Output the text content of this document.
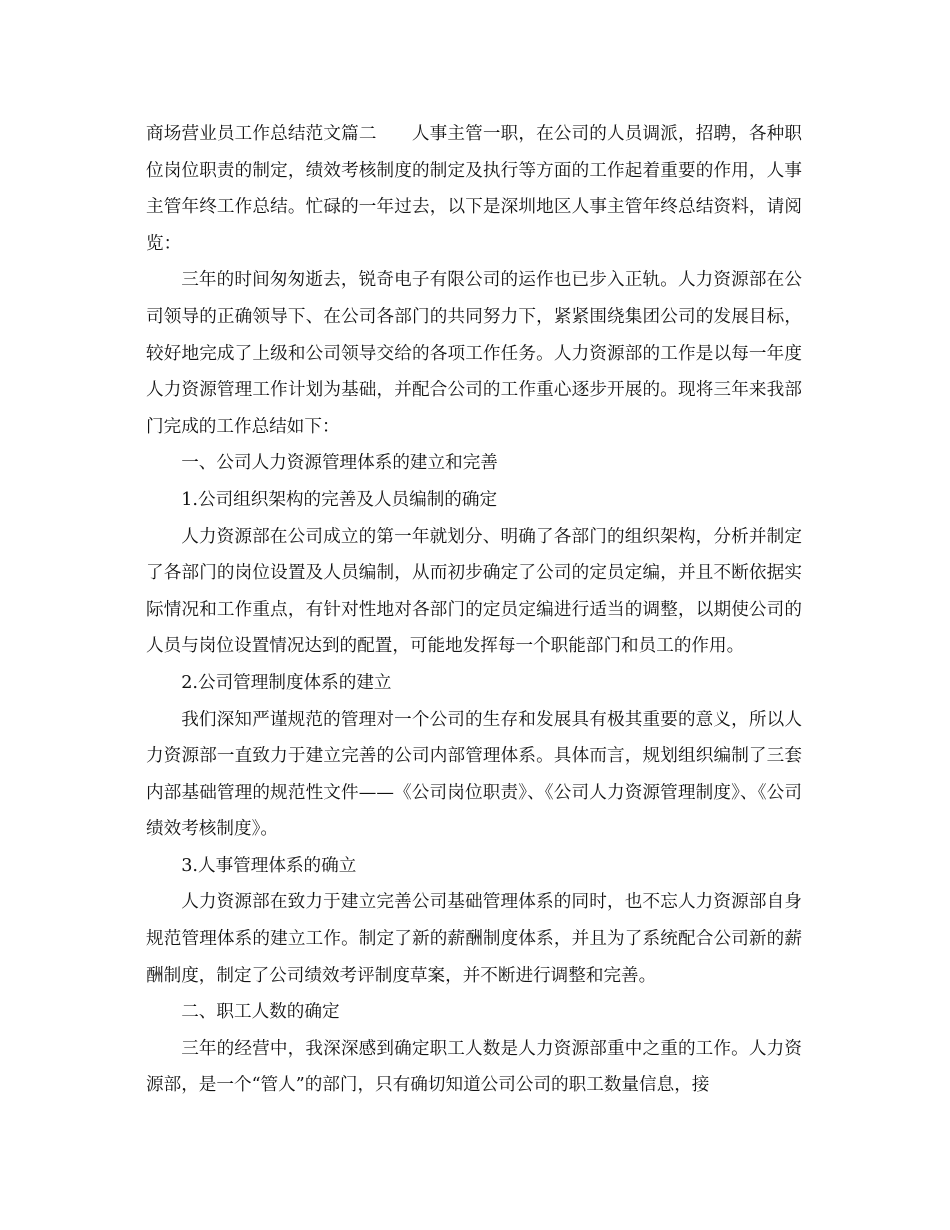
商场营业员工作总结范文篇二 人事主管一职，在公司的人员调派，招聘，各种职位岗位职责的制定，绩效考核制度的制定及执行等方面的工作起着重要的作用，人事主管年终工作总结。忙碌的一年过去，以下是深圳地区人事主管年终总结资料，请阅览：

三年的时间匆匆逝去，锐奇电子有限公司的运作也已步入正轨。人力资源部在公司领导的正确领导下、在公司各部门的共同努力下，紧紧围绕集团公司的发展目标，较好地完成了上级和公司领导交给的各项工作任务。人力资源部的工作是以每一年度人力资源管理工作计划为基础，并配合公司的工作重心逐步开展的。现将三年来我部门完成的工作总结如下：

一、公司人力资源管理体系的建立和完善

1.公司组织架构的完善及人员编制的确定

人力资源部在公司成立的第一年就划分、明确了各部门的组织架构，分析并制定了各部门的岗位设置及人员编制，从而初步确定了公司的定员定编，并且不断依据实际情况和工作重点，有针对性地对各部门的定员定编进行适当的调整，以期使公司的人员与岗位设置情况达到的配置，可能地发挥每一个职能部门和员工的作用。

2.公司管理制度体系的建立

我们深知严谨规范的管理对一个公司的生存和发展具有极其重要的意义，所以人力资源部一直致力于建立完善的公司内部管理体系。具体而言，规划组织编制了三套内部基础管理的规范性文件——《公司岗位职责》、《公司人力资源管理制度》、《公司绩效考核制度》。

3.人事管理体系的确立

人力资源部在致力于建立完善公司基础管理体系的同时，也不忘人力资源部自身规范管理体系的建立工作。制定了新的薪酬制度体系，并且为了系统配合公司新的薪酬制度，制定了公司绩效考评制度草案，并不断进行调整和完善。

二、职工人数的确定

三年的经营中，我深深感到确定职工人数是人力资源部重中之重的工作。人力资源部，是一个“管人”的部门，只有确切知道公司公司的职工数量信息，接
